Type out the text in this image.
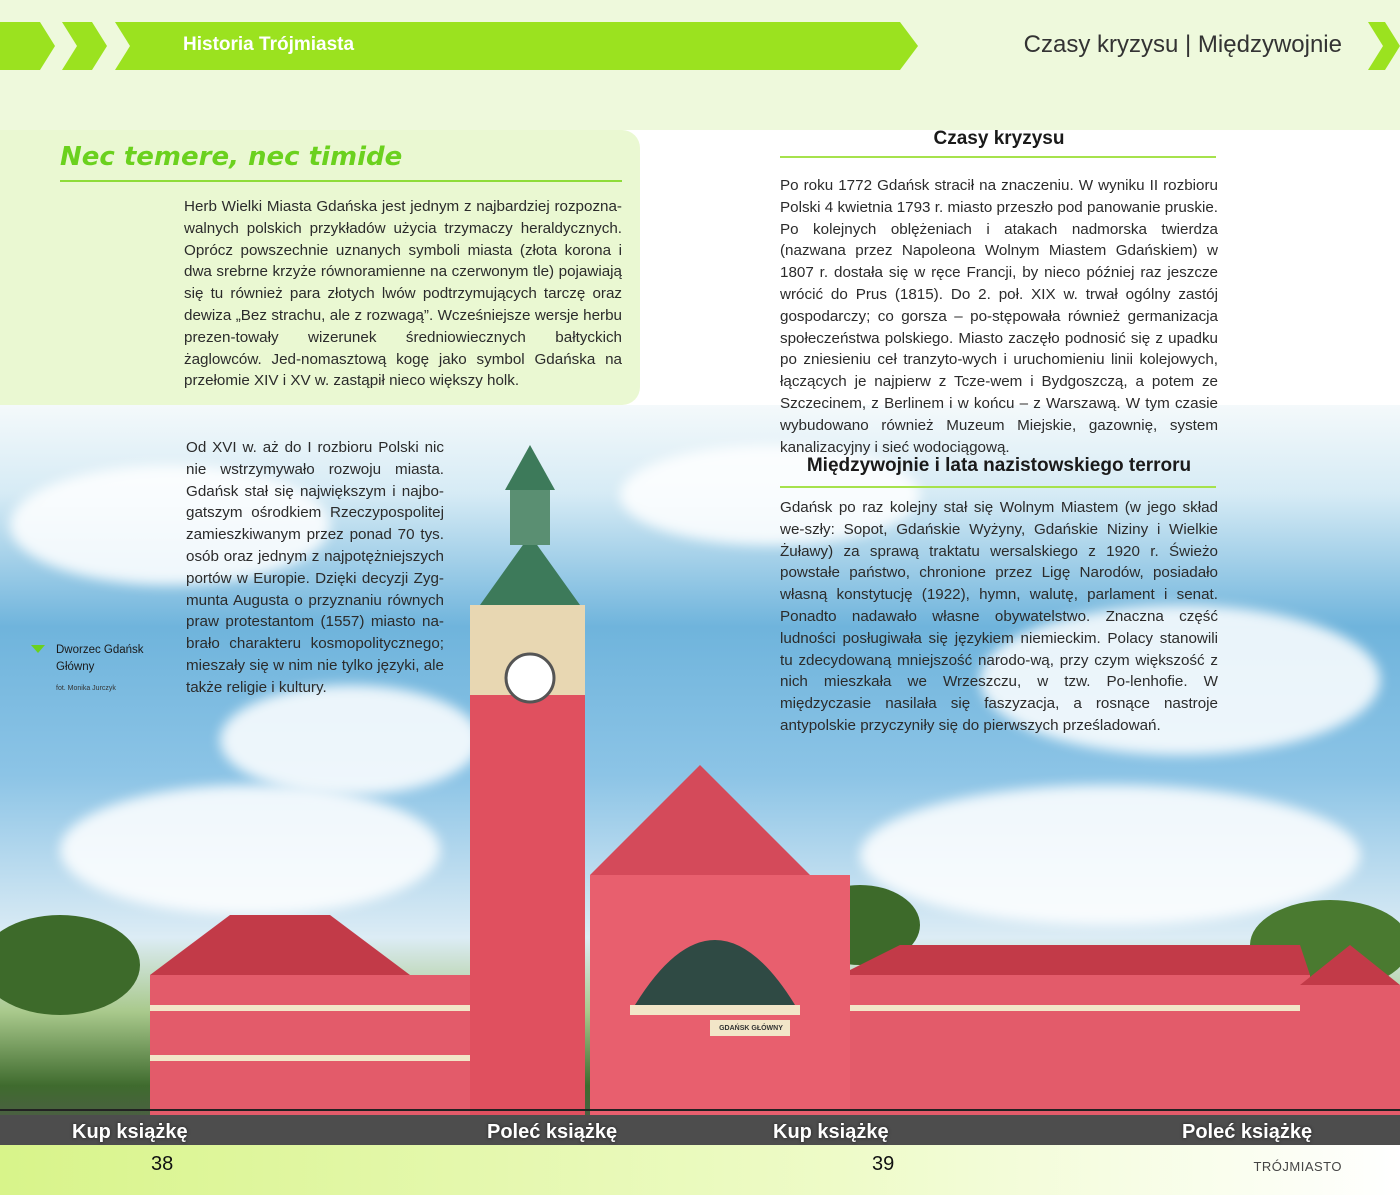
GDAŃSK GŁÓWNY
Historia Trójmiasta	Czasy kryzysu | Międzywojnie
Nec temere, nec timide
Herb Wielki Miasta Gdańska jest jednym z najbardziej rozpozna-walnych polskich przykładów użycia trzymaczy heraldycznych. Oprócz powszechnie uznanych symboli miasta (złota korona i dwa srebrne krzyże równoramienne na czerwonym tle) pojawiają się tu również para złotych lwów podtrzymujących tarczę oraz dewiza „Bez strachu, ale z rozwagą”. Wcześniejsze wersje herbu prezen-towały wizerunek średniowiecznych bałtyckich żaglowców. Jed-nomasztową kogę jako symbol Gdańska na przełomie XIV i XV w. zastąpił nieco większy holk.
Od XVI w. aż do I rozbioru Polski nic nie wstrzymywało rozwoju miasta. Gdańsk stał się największym i najbo-gatszym ośrodkiem Rzeczypospolitej zamieszkiwanym przez ponad 70 tys. osób oraz jednym z najpotężniejszych portów w Europie. Dzięki decyzji Zyg-munta Augusta o przyznaniu równych praw protestantom (1557) miasto na-brało charakteru kosmopolitycznego; mieszały się w nim nie tylko języki, ale także religie i kultury.
Dworzec Gdańsk Główny
fot. Monika Jurczyk
Czasy kryzysu
Po roku 1772 Gdańsk stracił na znaczeniu. W wyniku II rozbioru Polski 4 kwietnia 1793 r. miasto przeszło pod panowanie pruskie. Po kolejnych oblężeniach i atakach nadmorska twierdza (nazwana przez Napoleona Wolnym Miastem Gdańskiem) w 1807 r. dostała się w ręce Francji, by nieco później raz jeszcze wrócić do Prus (1815). Do 2. poł. XIX w. trwał ogólny zastój gospodarczy; co gorsza – po-stępowała również germanizacja społeczeństwa polskiego. Miasto zaczęło podnosić się z upadku po zniesieniu ceł tranzyto-wych i uruchomieniu linii kolejowych, łączących je najpierw z Tcze-wem i Bydgoszczą, a potem ze Szczecinem, z Berlinem i w końcu – z Warszawą. W tym czasie wybudowano również Muzeum Miejskie, gazownię, system kanalizacyjny i sieć wodociągową.
Międzywojnie i lata nazistowskiego terroru
Gdańsk po raz kolejny stał się Wolnym Miastem (w jego skład we-szły: Sopot, Gdańskie Wyżyny, Gdańskie Niziny i Wielkie Żuławy) za sprawą traktatu wersalskiego z 1920 r. Świeżo powstałe państwo, chronione przez Ligę Narodów, posiadało własną konstytucję (1922), hymn, walutę, parlament i senat. Ponadto nadawało własne obywatelstwo. Znaczna część ludności posługiwała się językiem niemieckim. Polacy stanowili tu zdecydowaną mniejszość narodo-wą, przy czym większość z nich mieszkała we Wrzeszczu, w tzw. Po-lenhofie. W międzyczasie nasilała się faszyzacja, a rosnące nastroje antypolskie przyczyniły się do pierwszych prześladowań.
Kup książkę	Poleć książkę	Kup książkę	Poleć książkę
38	39	TRÓJMIASTO
